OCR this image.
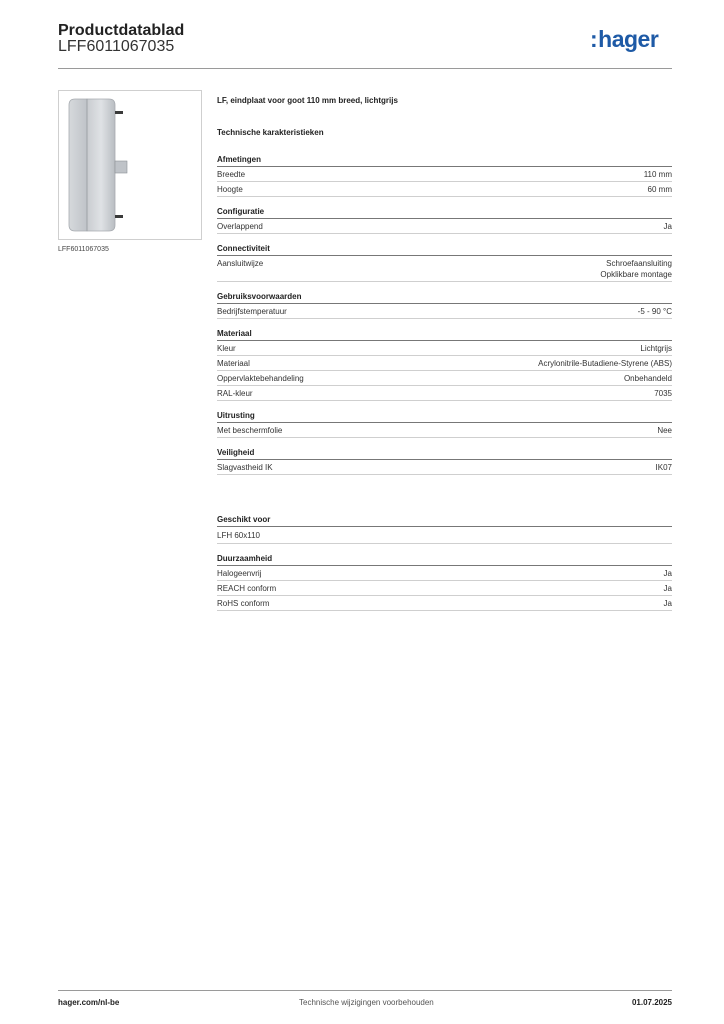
Productdatablad
LFF6011067035	:hager
LFF6011067035
LF, eindplaat voor goot 110 mm breed, lichtgrijs
Technische karakteristieken
Afmetingen
Breedte	110 mm
Hoogte	60 mm
Configuratie
Overlappend	Ja
Connectiviteit
Aansluitwijze	Schroefaansluiting
Opklikbare montage
Gebruiksvoorwaarden
Bedrijfstemperatuur	-5 - 90 °C
Materiaal
Kleur	Lichtgrijs
Materiaal	Acrylonitrile-Butadiene-Styrene (ABS)
Oppervlaktebehandeling	Onbehandeld
RAL-kleur	7035
Uitrusting
Met beschermfolie	Nee
Veiligheid
Slagvastheid IK	IK07
Geschikt voor
LFH 60x110
Duurzaamheid
Halogeenvrij	Ja
REACH conform	Ja
RoHS conform	Ja
hager.com/nl-be	Technische wijzigingen voorbehouden	01.07.2025
